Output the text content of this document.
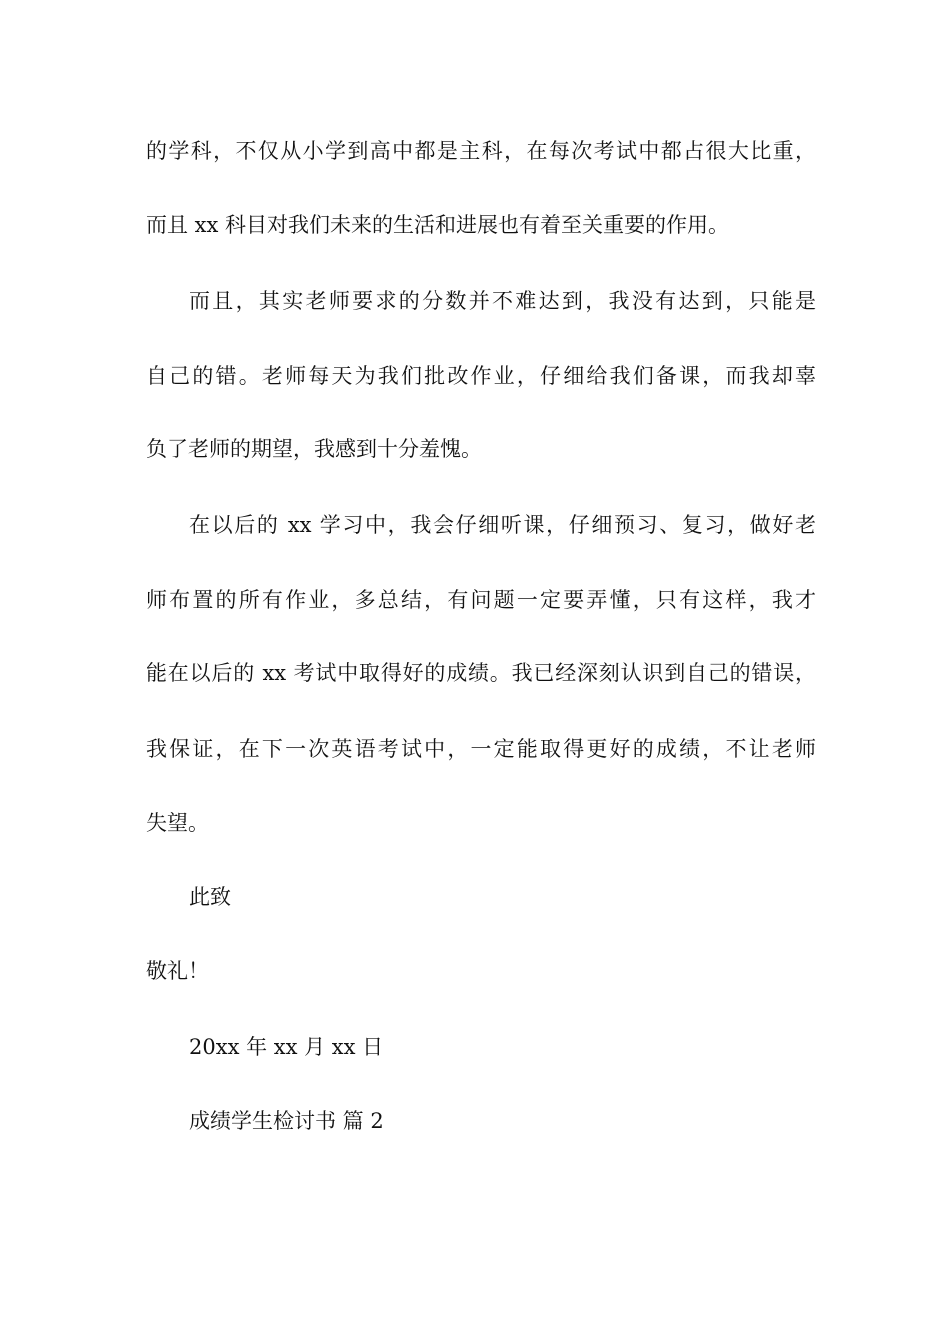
的学科，不仅从小学到高中都是主科，在每次考试中都占很大比重，
而且 xx 科目对我们未来的生活和进展也有着至关重要的作用。
而且，其实老师要求的分数并不难达到，我没有达到，只能是
自己的错。老师每天为我们批改作业，仔细给我们备课，而我却辜
负了老师的期望，我感到十分羞愧。
在以后的 xx 学习中，我会仔细听课，仔细预习、复习，做好老
师布置的所有作业，多总结，有问题一定要弄懂，只有这样，我才
能在以后的 xx 考试中取得好的成绩。我已经深刻认识到自己的错误，
我保证，在下一次英语考试中，一定能取得更好的成绩，不让老师
失望。
此致
敬礼！
20xx 年 xx 月 xx 日
成绩学生检讨书 篇 2
